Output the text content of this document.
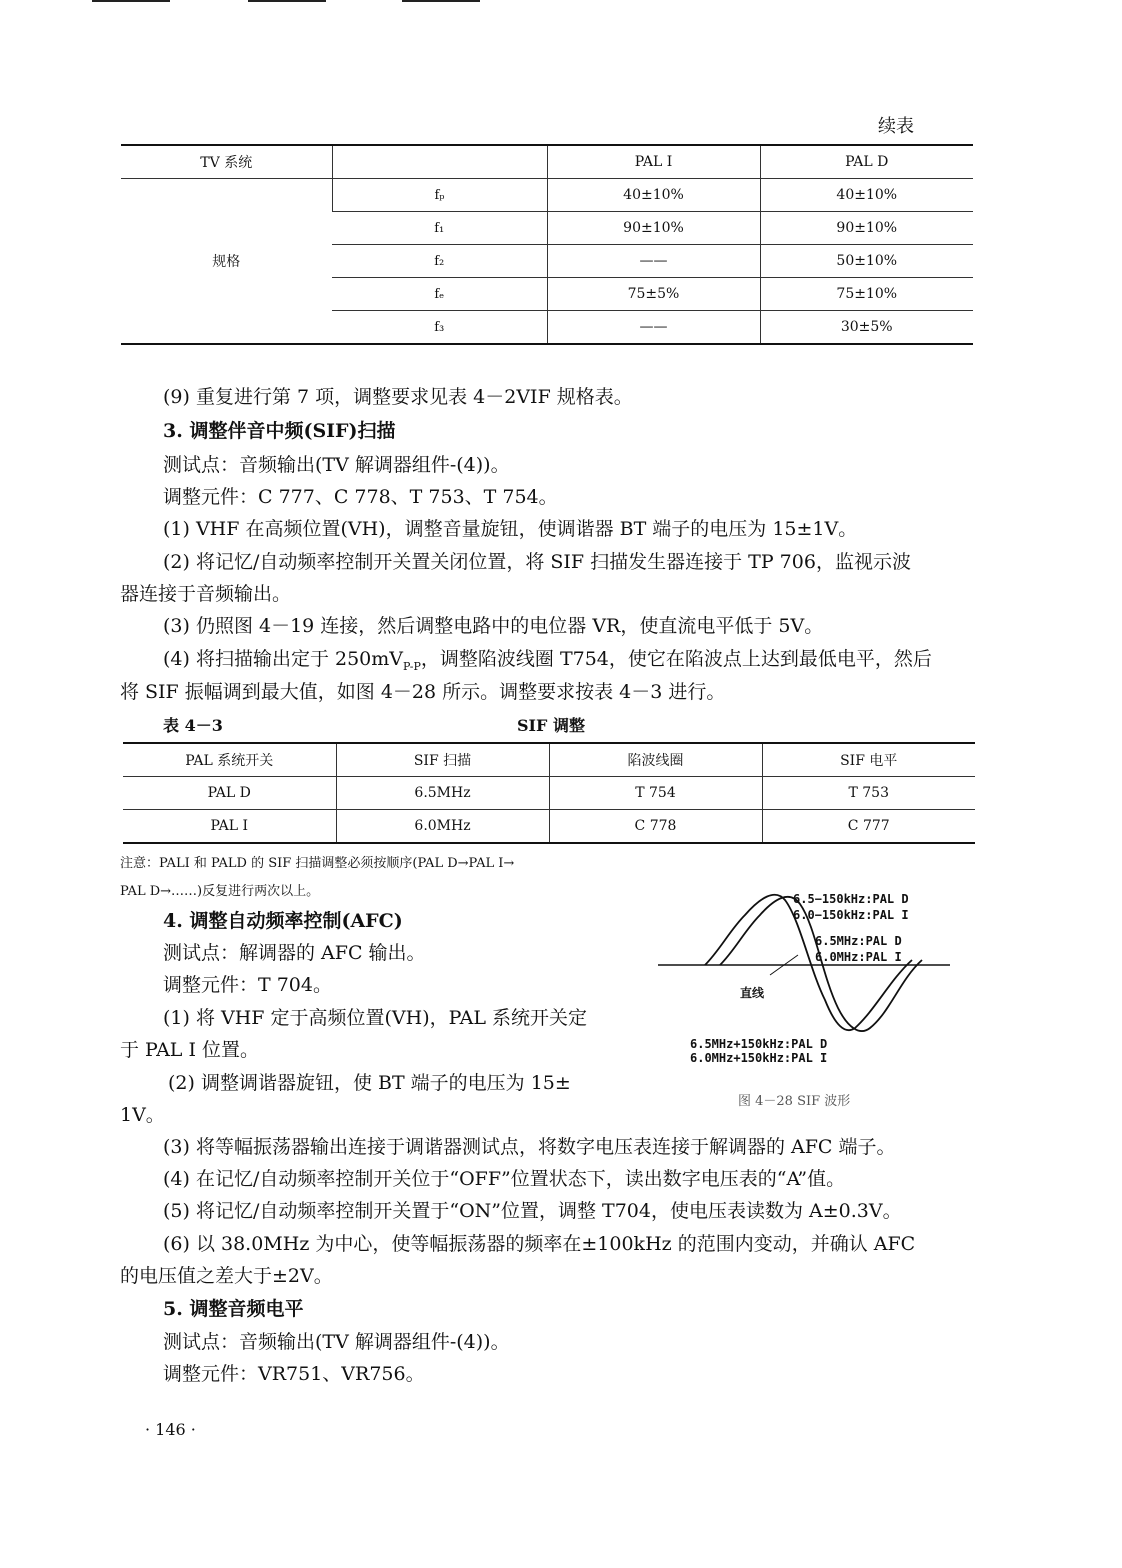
续表
TV 系统		PAL I	PAL D
规格	fₚ	40±10%	40±10%
	f₁	90±10%	90±10%
	f₂	——	50±10%
	fₑ	75±5%	75±10%
	f₃	——	30±5%
(9) 重复进行第 7 项，调整要求见表 4－2VIF 规格表。
3. 调整伴音中频(SIF)扫描
测试点：音频输出(TV 解调器组件-(4))。
调整元件：C 777、C 778、T 753、T 754。
(1) VHF 在高频位置(VH)，调整音量旋钮，使调谐器 BT 端子的电压为 15±1V。
(2) 将记忆/自动频率控制开关置关闭位置，将 SIF 扫描发生器连接于 TP 706，监视示波
器连接于音频输出。
(3) 仍照图 4－19 连接，然后调整电路中的电位器 VR，使直流电平低于 5V。
(4) 将扫描输出定于 $250mV_{P-P}$，调整陷波线圈 T754，使它在陷波点上达到最低电平，然后
将 SIF 振幅调到最大值，如图 4－28 所示。调整要求按表 4－3 进行。
表 4－3	SIF 调整
PAL 系统开关	SIF 扫描	陷波线圈	SIF 电平
PAL D	6.5MHz	T 754	T 753
PAL I	6.0MHz	C 778	C 777
注意：PALI 和 PALD 的 SIF 扫描调整必须按顺序(PAL D→PAL I→
PAL D→……)反复进行两次以上。
4. 调整自动频率控制(AFC)
测试点：解调器的 AFC 输出。
调整元件：T 704。
(1) 将 VHF 定于高频位置(VH)，PAL 系统开关定
于 PAL I 位置。
(2) 调整调谐器旋钮，使 BT 端子的电压为 15±
1V。
(3) 将等幅振荡器输出连接于调谐器测试点，将数字电压表连接于解调器的 AFC 端子。
(4) 在记忆/自动频率控制开关位于“OFF”位置状态下，读出数字电压表的“A”值。
(5) 将记忆/自动频率控制开关置于“ON”位置，调整 T704，使电压表读数为 A±0.3V。
(6) 以 38.0MHz 为中心，使等幅振荡器的频率在±100kHz 的范围内变动，并确认 AFC
的电压值之差大于±2V。
6.5−150kHz:PAL D
6.0−150kHz:PAL I
6.5MHz:PAL D
6.0MHz:PAL I
直线
6.5MHz+150kHz:PAL D
6.0MHz+150kHz:PAL I
图 4－28 SIF 波形
5. 调整音频电平
测试点：音频输出(TV 解调器组件-(4))。
调整元件：VR751、VR756。
· 146 ·
